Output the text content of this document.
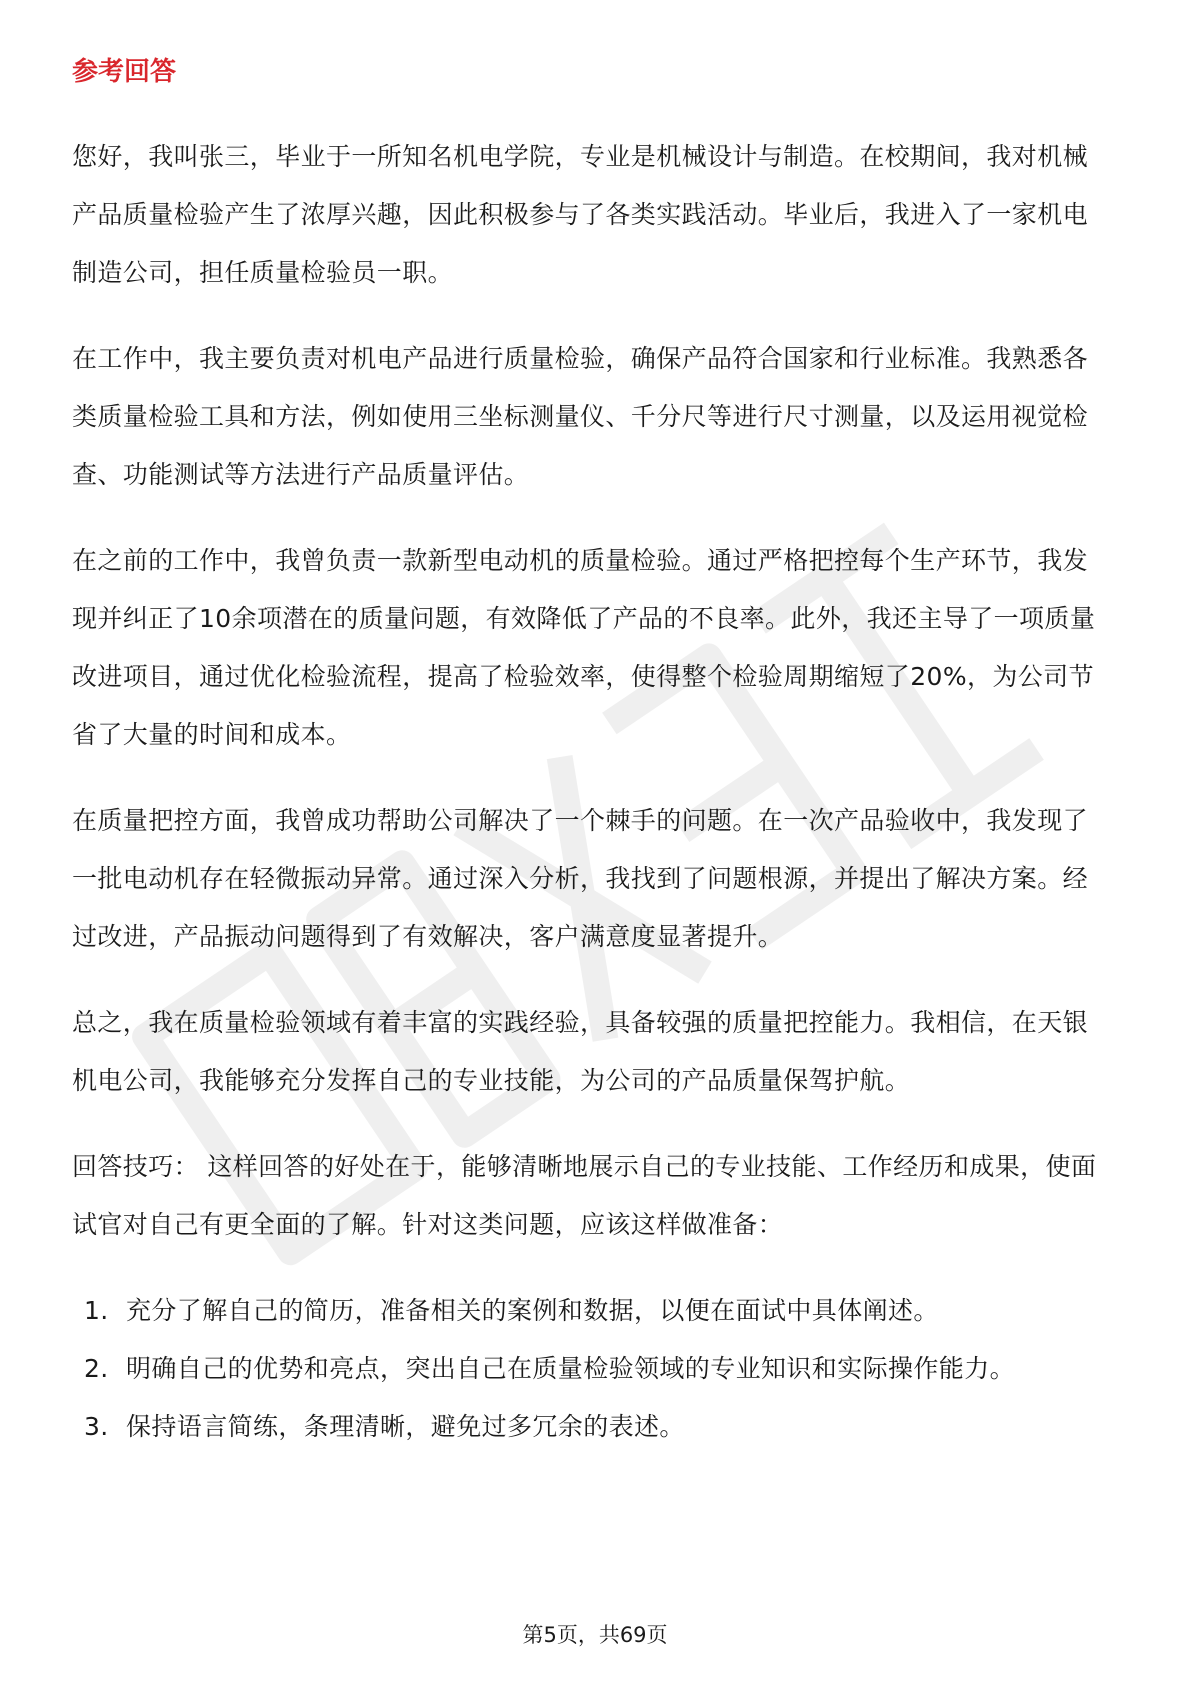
参考回答

您好，我叫张三，毕业于一所知名机电学院，专业是机械设计与制造。在校期间，我对机械产品质量检验产生了浓厚兴趣，因此积极参与了各类实践活动。毕业后，我进入了一家机电制造公司，担任质量检验员一职。

在工作中，我主要负责对机电产品进行质量检验，确保产品符合国家和行业标准。我熟悉各类质量检验工具和方法，例如使用三坐标测量仪、千分尺等进行尺寸测量，以及运用视觉检查、功能测试等方法进行产品质量评估。

在之前的工作中，我曾负责一款新型电动机的质量检验。通过严格把控每个生产环节，我发现并纠正了10余项潜在的质量问题，有效降低了产品的不良率。此外，我还主导了一项质量改进项目，通过优化检验流程，提高了检验效率，使得整个检验周期缩短了20%，为公司节省了大量的时间和成本。

在质量把控方面，我曾成功帮助公司解决了一个棘手的问题。在一次产品验收中，我发现了一批电动机存在轻微振动异常。通过深入分析，我找到了问题根源，并提出了解决方案。经过改进，产品振动问题得到了有效解决，客户满意度显著提升。

总之，我在质量检验领域有着丰富的实践经验，具备较强的质量把控能力。我相信，在天银机电公司，我能够充分发挥自己的专业技能，为公司的产品质量保驾护航。

回答技巧： 这样回答的好处在于，能够清晰地展示自己的专业技能、工作经历和成果，使面试官对自己有更全面的了解。针对这类问题，应该这样做准备：

1. 充分了解自己的简历，准备相关的案例和数据，以便在面试中具体阐述。
2. 明确自己的优势和亮点，突出自己在质量检验领域的专业知识和实际操作能力。
3. 保持语言简练，条理清晰，避免过多冗余的表述。
第5页，共69页
